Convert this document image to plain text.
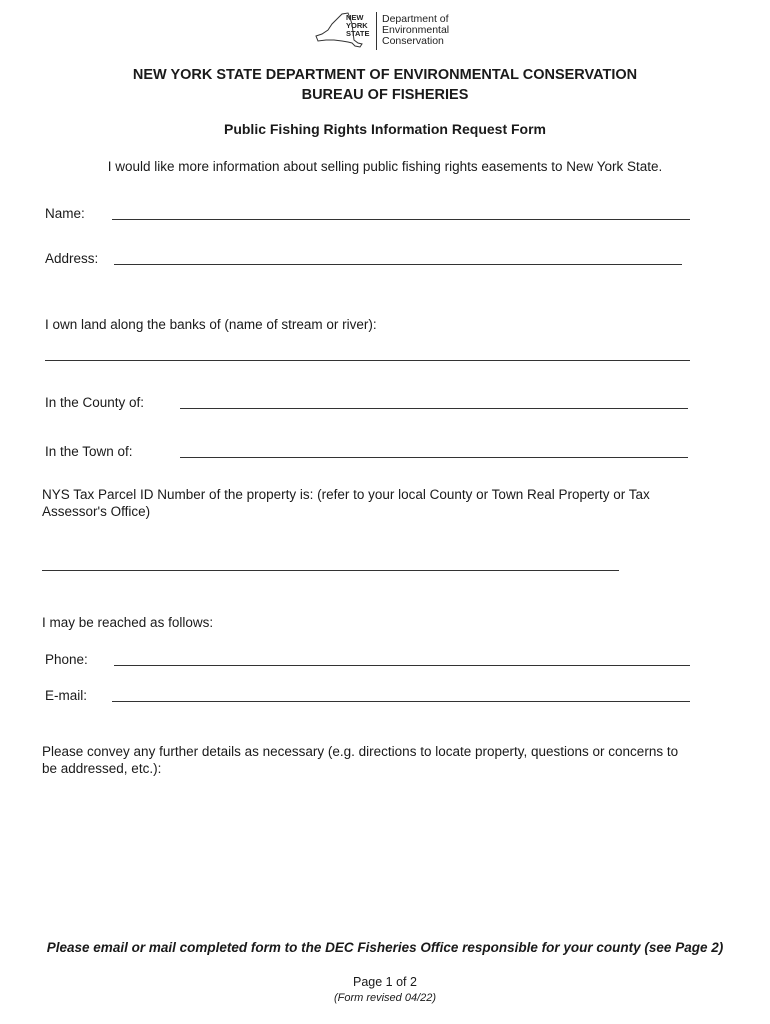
NEW
YORK
STATE
Department of
Environmental
Conservation
NEW YORK STATE DEPARTMENT OF ENVIRONMENTAL CONSERVATION
BUREAU OF FISHERIES
Public Fishing Rights Information Request Form
I would like more information about selling public fishing rights easements to New York State.
Name:
Address:
I own land along the banks of (name of stream or river):
In the County of:
In the Town of:
NYS Tax Parcel ID Number of the property is: (refer to your local County or Town Real Property or Tax Assessor's Office)
I may be reached as follows:
Phone:
E-mail:
Please convey any further details as necessary (e.g. directions to locate property, questions or concerns to be addressed, etc.):
Please email or mail completed form to the DEC Fisheries Office responsible for your county (see Page 2)
Page 1 of 2
(Form revised 04/22)
